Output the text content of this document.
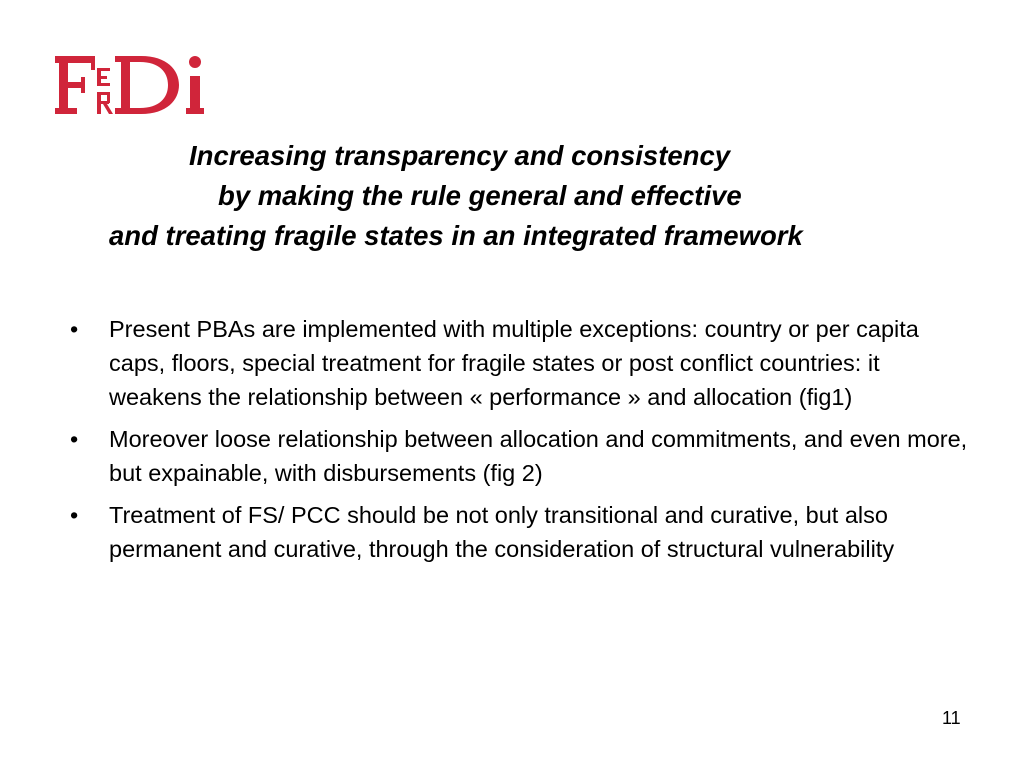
Increasing transparency and consistency
by making the rule general and effective
and treating fragile states in an integrated framework
• Present PBAs are implemented with multiple exceptions: country or per capita caps, floors, special treatment for fragile states or post conflict countries: it weakens the relationship between « performance » and allocation (fig1)
• Moreover loose relationship between allocation and commitments, and even more, but expainable, with disbursements (fig 2)
• Treatment of FS/ PCC should be not only transitional and curative, but also permanent and curative, through the consideration of structural vulnerability
11
